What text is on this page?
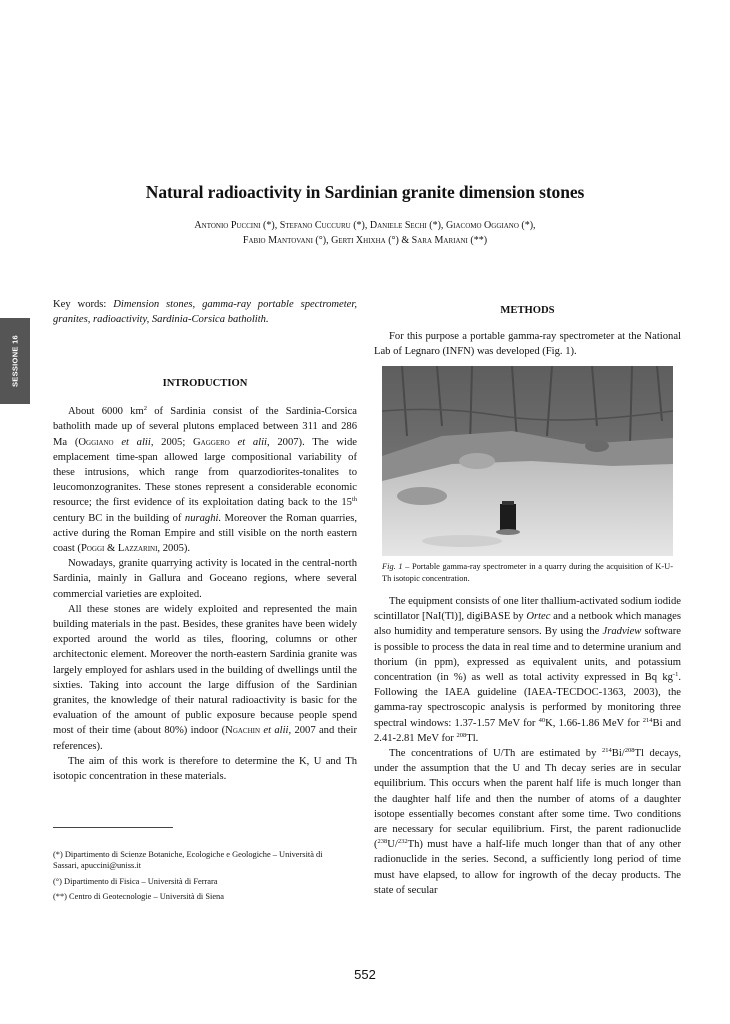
Natural radioactivity in Sardinian granite dimension stones
Antonio Puccini (*), Stefano Cuccuru (*), Daniele Sechi (*), Giacomo Oggiano (*),
Fabio Mantovani (°), Gerti Xhixha (°) & Sara Mariani (**)
SESSIONE 16
Key words: Dimension stones, gamma-ray portable spectrometer, granites, radioactivity, Sardinia-Corsica batholith.
INTRODUCTION

About 6000 $km^2$ of Sardinia consist of the Sardinia-Corsica batholith made up of several plutons emplaced between 311 and 286 Ma (Oggiano et alii, 2005; Gaggero et alii, 2007). The wide emplacement time-span allowed large compositional variability of these intrusions, which range from quarzodiorites-tonalites to leucomonzogranites. These stones represent a considerable economic resource; the first evidence of its exploitation dating back to the 15th century BC in the building of nuraghi. Moreover the Roman quarries, active during the Roman Empire and still visible on the north eastern coast (Poggi & Lazzarini, 2005).

Nowadays, granite quarrying activity is located in the central-north Sardinia, mainly in Gallura and Goceano regions, where several commercial varieties are exploited.

All these stones are widely exploited and represented the main building materials in the past. Besides, these granites have been widely exported around the world as tiles, flooring, columns or other architectonic element. Moreover the north-eastern Sardinia granite was largely employed for ashlars used in the building of dwellings until the sixties. Taking into account the large diffusion of the Sardinian granites, the knowledge of their natural radioactivity is basic for the evaluation of the amount of public exposure because people spend most of their time (about 80%) indoor (Ngachin et alii, 2007 and their references).

The aim of this work is therefore to determine the K, U and Th isotopic concentration in these materials.

(*) Dipartimento di Scienze Botaniche, Ecologiche e Geologiche – Università di Sassari, apuccini@uniss.it
(°) Dipartimento di Fisica – Università di Ferrara
(**) Centro di Geotecnologie – Università di Siena
METHODS

For this purpose a portable gamma-ray spectrometer at the National Lab of Legnaro (INFN) was developed (Fig. 1).

Fig. 1 – Portable gamma-ray spectrometer in a quarry during the acquisition of K-U-Th isotopic concentration.

The equipment consists of one liter thallium-activated sodium iodide scintillator [NaI(Tl)], digiBASE by Ortec and a netbook which manages also humidity and temperature sensors. By using the Jradview software is possible to process the data in real time and to determine uranium and thorium (in ppm), expressed as equivalent units, and potassium concentration (in %) as well as total activity expressed in Bq $kg^{-1}$. Following the IAEA guideline (IAEA-TECDOC-1363, 2003), the gamma-ray spectroscopic analysis is performed by monitoring three spectral windows: 1.37-1.57 MeV for $^{40}$K, 1.66-1.86 MeV for $^{214}$Bi and 2.41-2.81 MeV for $^{208}$Tl.

The concentrations of U/Th are estimated by $^{214}$Bi/$^{208}$Tl decays, under the assumption that the U and Th decay series are in secular equilibrium. This occurs when the parent half life is much longer than the daughter half life and then the number of atoms of a daughter isotope essentially becomes constant after some time. Two conditions are necessary for secular equilibrium. First, the parent radionuclide ($^{238}$U/$^{232}$Th) must have a half-life much longer than that of any other radionuclide in the series. Second, a sufficiently long period of time must have elapsed, to allow for ingrowth of the decay products. The state of secular

552
